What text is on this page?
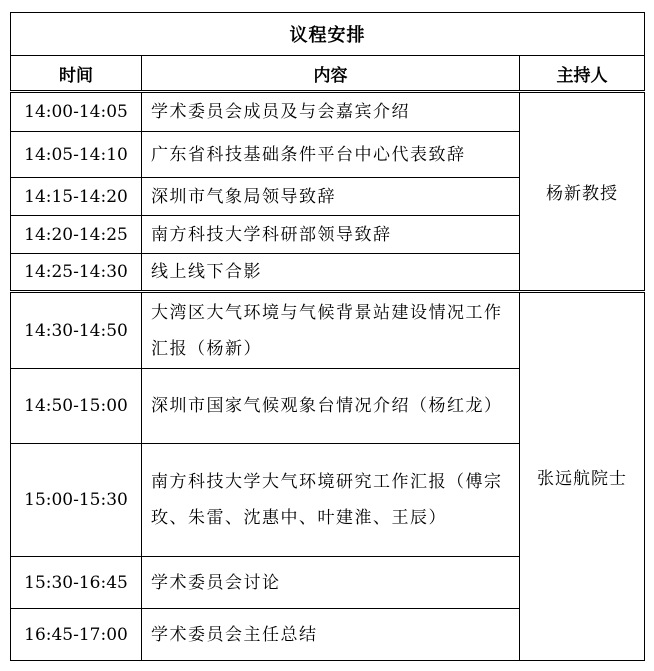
议程安排		
时间	内容	主持人
14:00-14:05	学术委员会成员及与会嘉宾介绍	杨新教授
14:05-14:10	广东省科技基础条件平台中心代表致辞	
14:15-14:20	深圳市气象局领导致辞	
14:20-14:25	南方科技大学科研部领导致辞	
14:25-14:30	线上线下合影	
14:30-14:50	大湾区大气环境与气候背景站建设情况工作汇报（杨新）	张远航院士
14:50-15:00	深圳市国家气候观象台情况介绍（杨红龙）	
15:00-15:30	南方科技大学大气环境研究工作汇报（傅宗玫、朱雷、沈惠中、叶建淮、王辰）	
15:30-16:45	学术委员会讨论	
16:45-17:00	学术委员会主任总结	
